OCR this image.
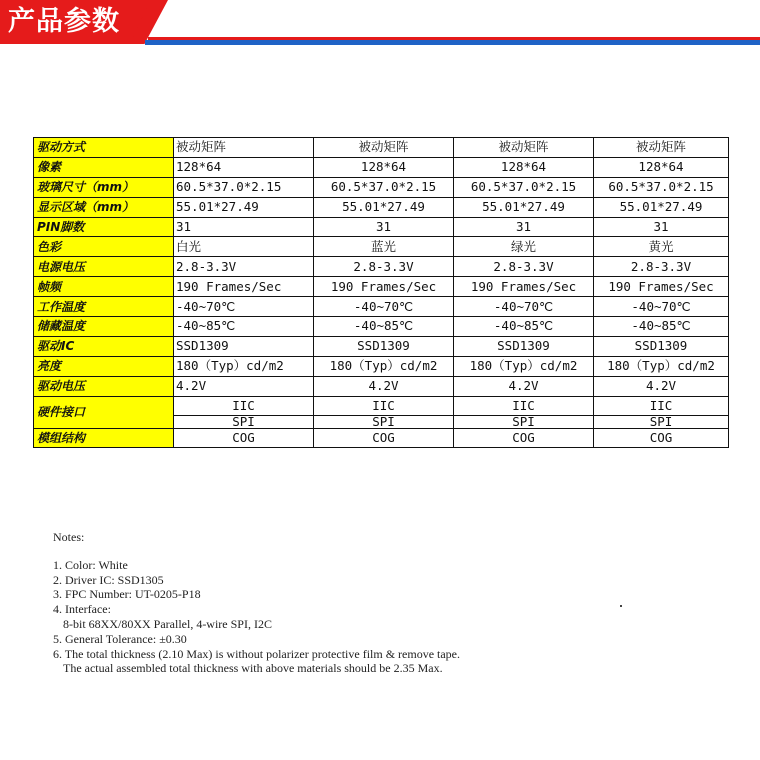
产品参数
驱动方式	被动矩阵	被动矩阵	被动矩阵	被动矩阵
像素	128*64	128*64	128*64	128*64
玻璃尺寸（mm）	60.5*37.0*2.15	60.5*37.0*2.15	60.5*37.0*2.15	60.5*37.0*2.15
显示区域（mm）	55.01*27.49	55.01*27.49	55.01*27.49	55.01*27.49
PIN脚数	31	31	31	31
色彩	白光	蓝光	绿光	黄光
电源电压	2.8-3.3V	2.8-3.3V	2.8-3.3V	2.8-3.3V
帧频	190 Frames/Sec	190 Frames/Sec	190 Frames/Sec	190 Frames/Sec
工作温度	-40~70℃	-40~70℃	-40~70℃	-40~70℃
储藏温度	-40~85℃	-40~85℃	-40~85℃	-40~85℃
驱动IC	SSD1309	SSD1309	SSD1309	SSD1309
亮度	180（Typ）cd/m2	180（Typ）cd/m2	180（Typ）cd/m2	180（Typ）cd/m2
驱动电压	4.2V	4.2V	4.2V	4.2V
硬件接口	IIC	IIC	IIC	IIC
	SPI	SPI	SPI	SPI
模组结构	COG	COG	COG	COG
Notes:
1. Color: White
2. Driver IC: SSD1305
3. FPC Number: UT-0205-P18
4. Interface:
8-bit 68XX/80XX Parallel, 4-wire SPI, I2C
5. General Tolerance: ±0.30
6. The total thickness (2.10 Max) is without polarizer protective film & remove tape.
The actual assembled total thickness with above materials should be 2.35 Max.
